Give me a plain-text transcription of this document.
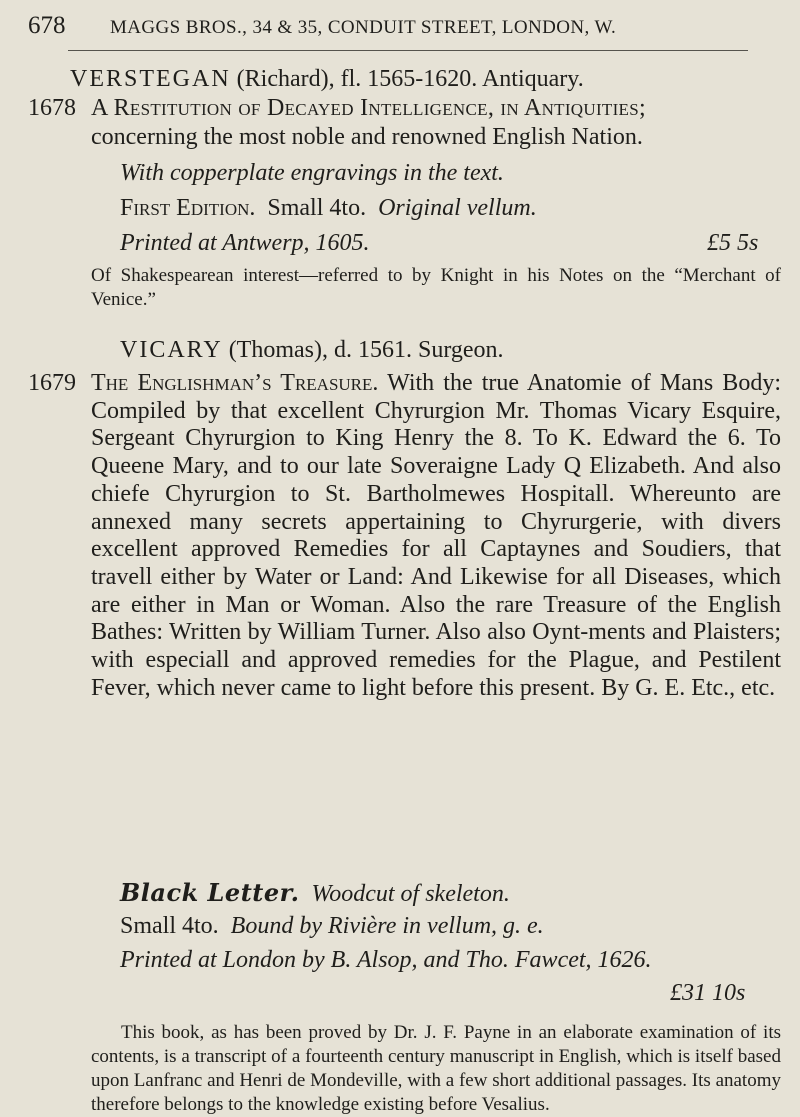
678 MAGGS BROS., 34 & 35, CONDUIT STREET, LONDON, W.
VERSTEGAN (Richard), fl. 1565-1620. Antiquary.
1678 A Restitution of Decayed Intelligence, in Antiquities;
concerning the most noble and renowned English Nation.
With copperplate engravings in the text.
First Edition. Small 4to. Original vellum.
Printed at Antwerp, 1605.	£5 5s
Of Shakespearean interest—referred to by Knight in his Notes on the “Merchant of Venice.”
VICARY (Thomas), d. 1561. Surgeon.
1679 The Englishman’s Treasure. With the true Anatomie of Mans Body: Compiled by that excellent Chyrurgion Mr. Thomas Vicary Esquire, Sergeant Chyrurgion to King Henry the 8. To K. Edward the 6. To Queene Mary, and to our late Soveraigne Lady Q Elizabeth. And also chiefe Chyrurgion to St. Bartholmewes Hospitall. Whereunto are annexed many secrets appertaining to Chyrurgerie, with divers excellent approved Remedies for all Captaynes and Soudiers, that travell either by Water or Land: And Likewise for all Diseases, which are either in Man or Woman. Also the rare Treasure of the English Bathes: Written by William Turner. Also also Oynt-ments and Plaisters; with especiall and approved remedies for the Plague, and Pestilent Fever, which never came to light before this present. By G. E. Etc., etc.
Black Letter. Woodcut of skeleton.
Small 4to. Bound by Rivière in vellum, g. e.
Printed at London by B. Alsop, and Tho. Fawcet, 1626.
£31 10s
This book, as has been proved by Dr. J. F. Payne in an elaborate examination of its contents, is a transcript of a fourteenth century manuscript in English, which is itself based upon Lanfranc and Henri de Mondeville, with a few short additional passages. Its anatomy therefore belongs to the knowledge existing before Vesalius.
